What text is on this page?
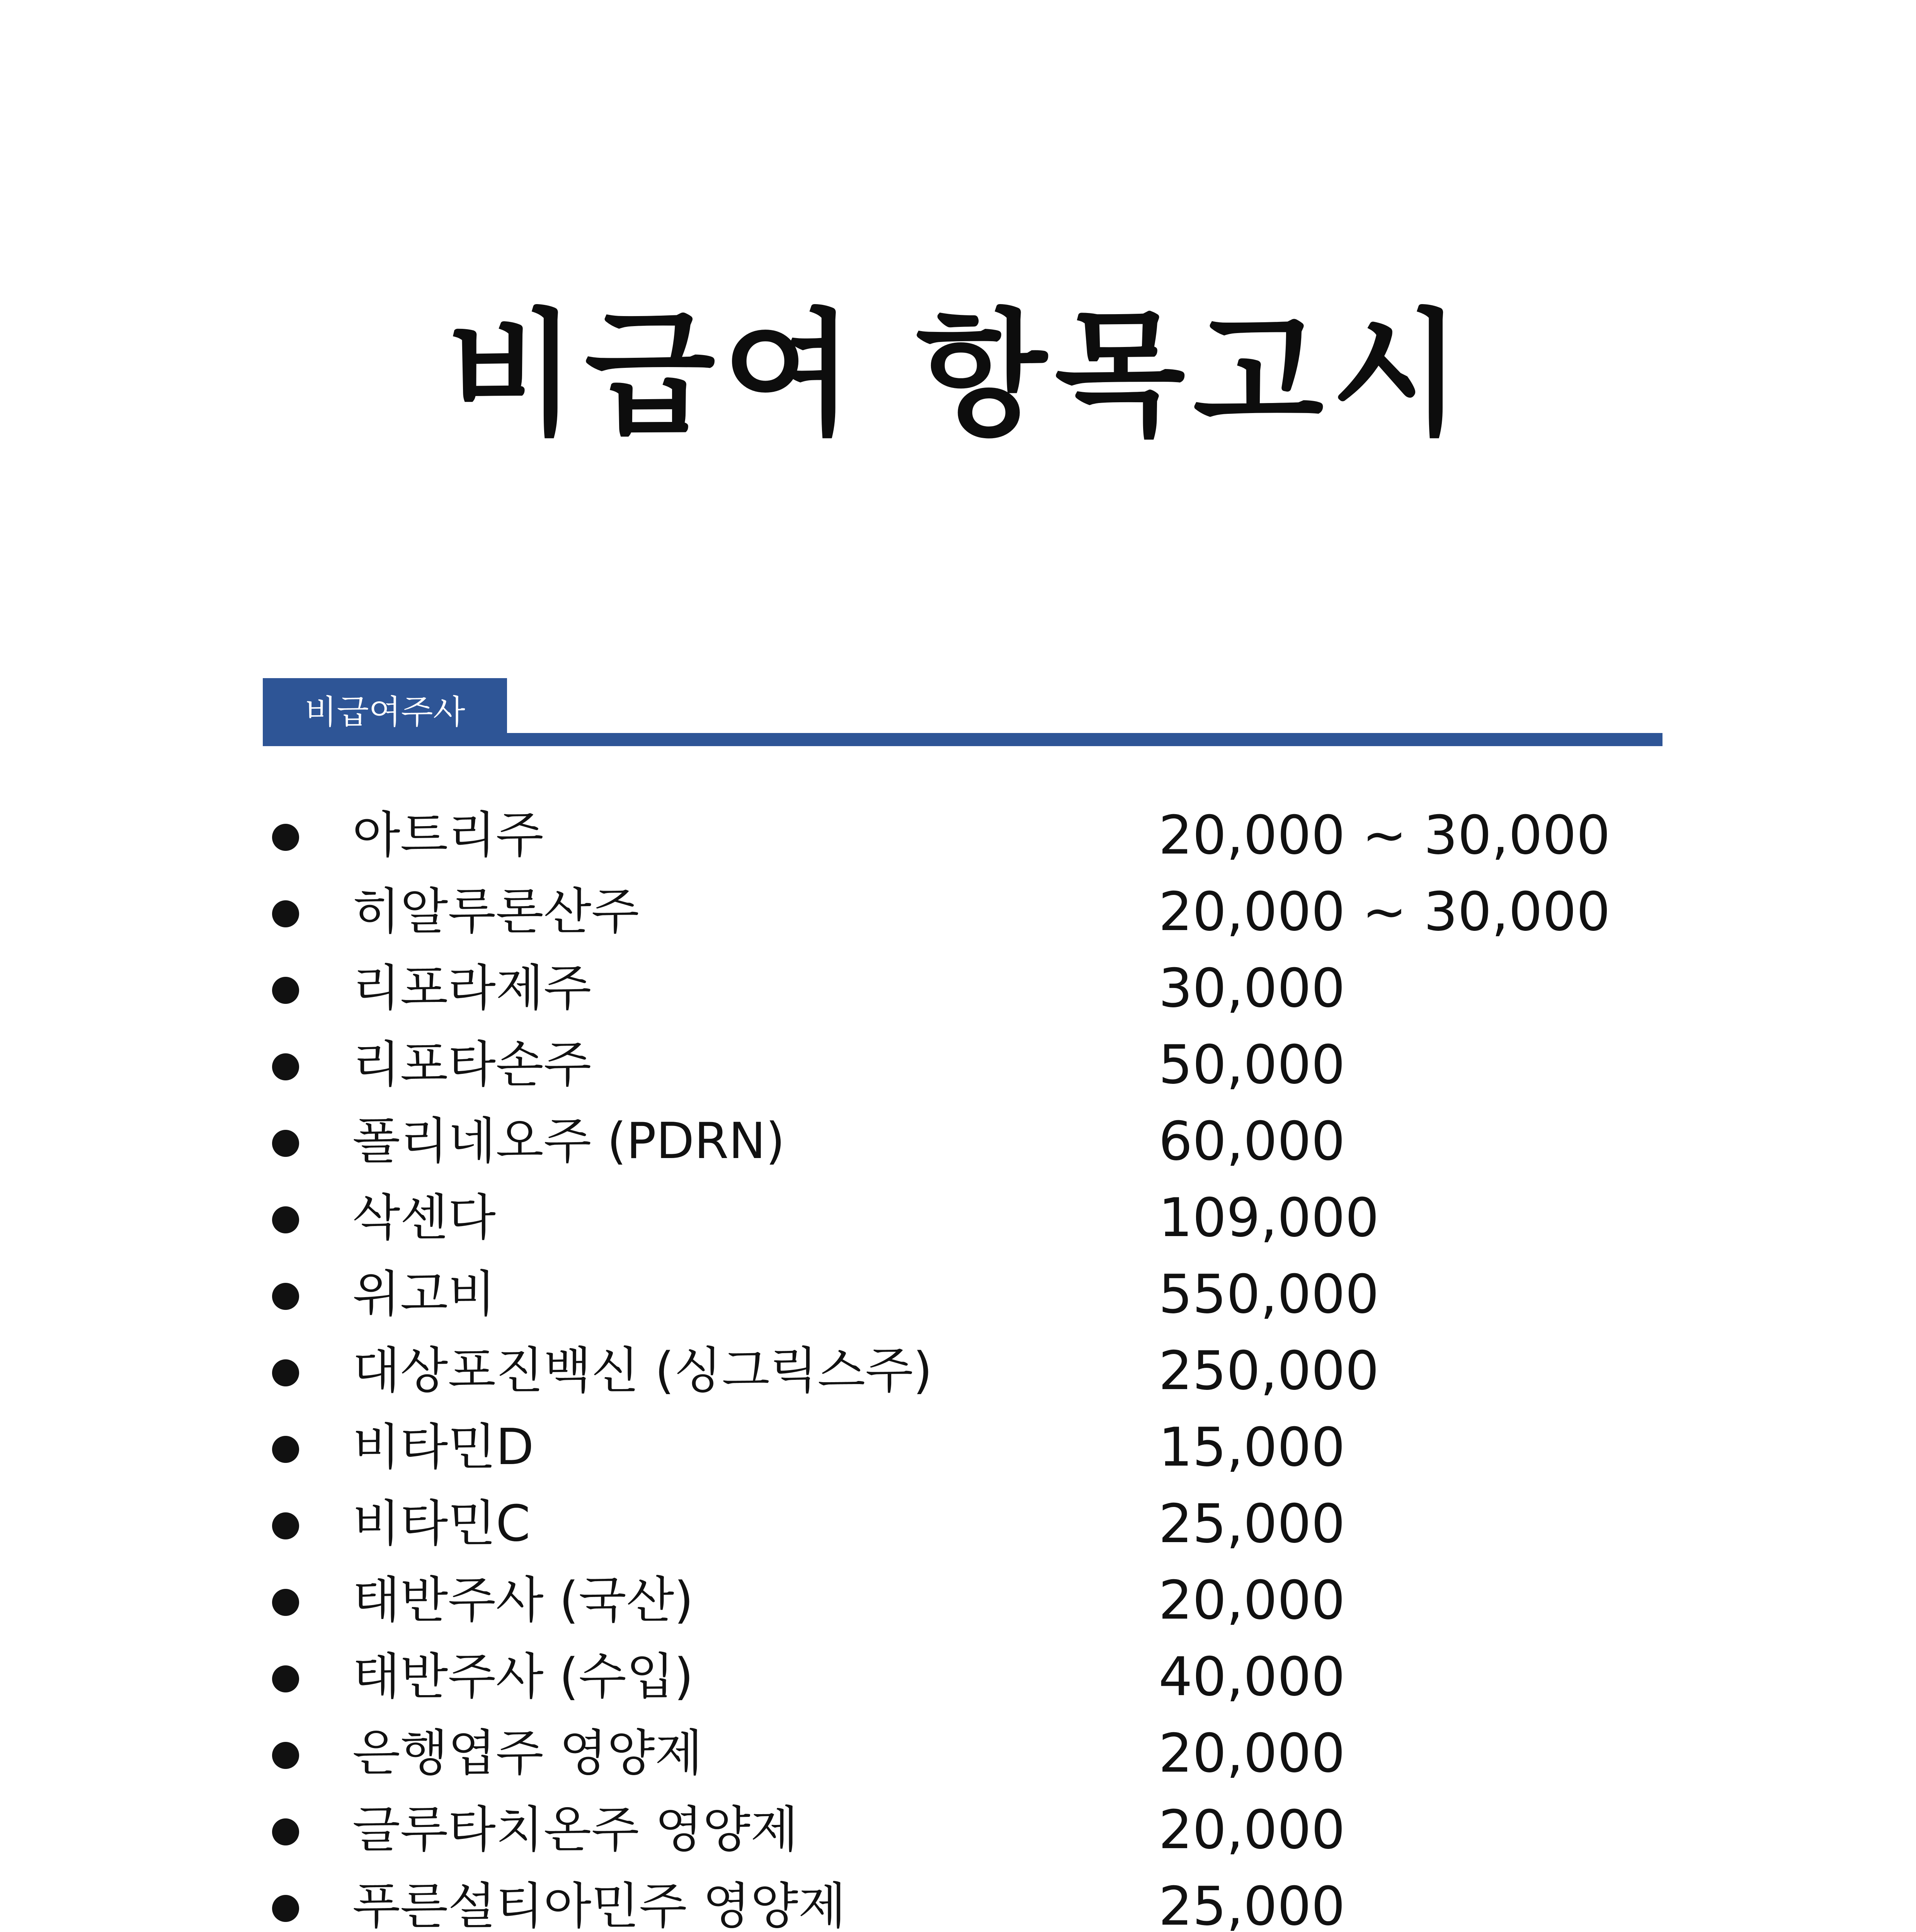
비급여 항목고시
비급여주사
아트리주	20,000 ~ 30,000
히알루론산주	20,000 ~ 30,000
리포라제주	30,000
리포타손주	50,000
폴리네오주 (PDRN)	60,000
삭센다	109,000
위고비	550,000
대상포진백신 (싱그릭스주)	250,000
비타민D	15,000
비타민C	25,000
태반주사 (국산)	20,000
태반주사 (수입)	40,000
은행엽주 영양제	20,000
글루타치온주 영양제	20,000
푸른설티아민주 영양제	25,000
